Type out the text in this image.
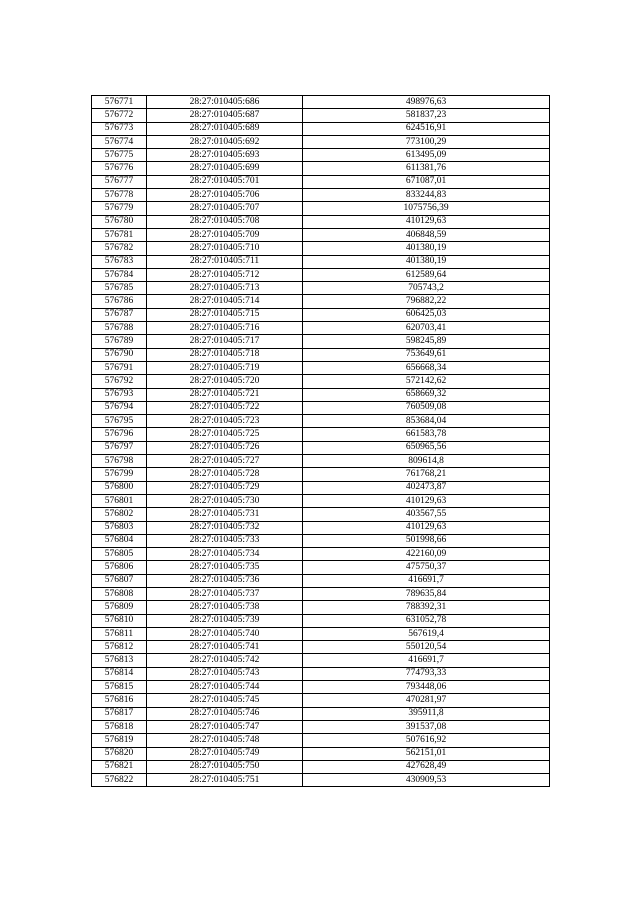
576771	28:27:010405:686	498976,63
576772	28:27:010405:687	581837,23
576773	28:27:010405:689	624516,91
576774	28:27:010405:692	773100,29
576775	28:27:010405:693	613495,09
576776	28:27:010405:699	611381,76
576777	28:27:010405:701	671087,01
576778	28:27:010405:706	833244,83
576779	28:27:010405:707	1075756,39
576780	28:27:010405:708	410129,63
576781	28:27:010405:709	406848,59
576782	28:27:010405:710	401380,19
576783	28:27:010405:711	401380,19
576784	28:27:010405:712	612589,64
576785	28:27:010405:713	705743,2
576786	28:27:010405:714	796882,22
576787	28:27:010405:715	606425,03
576788	28:27:010405:716	620703,41
576789	28:27:010405:717	598245,89
576790	28:27:010405:718	753649,61
576791	28:27:010405:719	656668,34
576792	28:27:010405:720	572142,62
576793	28:27:010405:721	658669,32
576794	28:27:010405:722	760509,08
576795	28:27:010405:723	853684,04
576796	28:27:010405:725	661583,78
576797	28:27:010405:726	650965,56
576798	28:27:010405:727	809614,8
576799	28:27:010405:728	761768,21
576800	28:27:010405:729	402473,87
576801	28:27:010405:730	410129,63
576802	28:27:010405:731	403567,55
576803	28:27:010405:732	410129,63
576804	28:27:010405:733	501998,66
576805	28:27:010405:734	422160,09
576806	28:27:010405:735	475750,37
576807	28:27:010405:736	416691,7
576808	28:27:010405:737	789635,84
576809	28:27:010405:738	788392,31
576810	28:27:010405:739	631052,78
576811	28:27:010405:740	567619,4
576812	28:27:010405:741	550120,54
576813	28:27:010405:742	416691,7
576814	28:27:010405:743	774793,33
576815	28:27:010405:744	793448,06
576816	28:27:010405:745	470281,97
576817	28:27:010405:746	395911,8
576818	28:27:010405:747	391537,08
576819	28:27:010405:748	507616,92
576820	28:27:010405:749	562151,01
576821	28:27:010405:750	427628,49
576822	28:27:010405:751	430909,53
